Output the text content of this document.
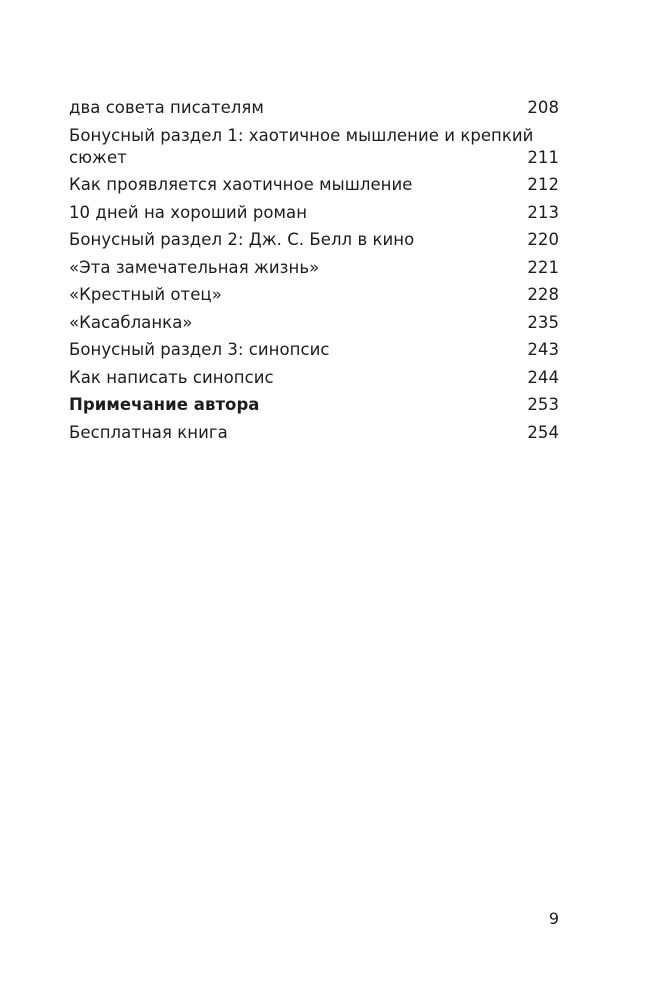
два совета писателям	208
Бонусный раздел 1: хаотичное мышление и крепкий сюжет	211
Как проявляется хаотичное мышление	212
10 дней на хороший роман	213
Бонусный раздел 2: Дж. С. Белл в кино	220
«Эта замечательная жизнь»	221
«Крестный отец»	228
«Касабланка»	235
Бонусный раздел 3: синопсис	243
Как написать синопсис	244
Примечание автора	253
Бесплатная книга	254
9
